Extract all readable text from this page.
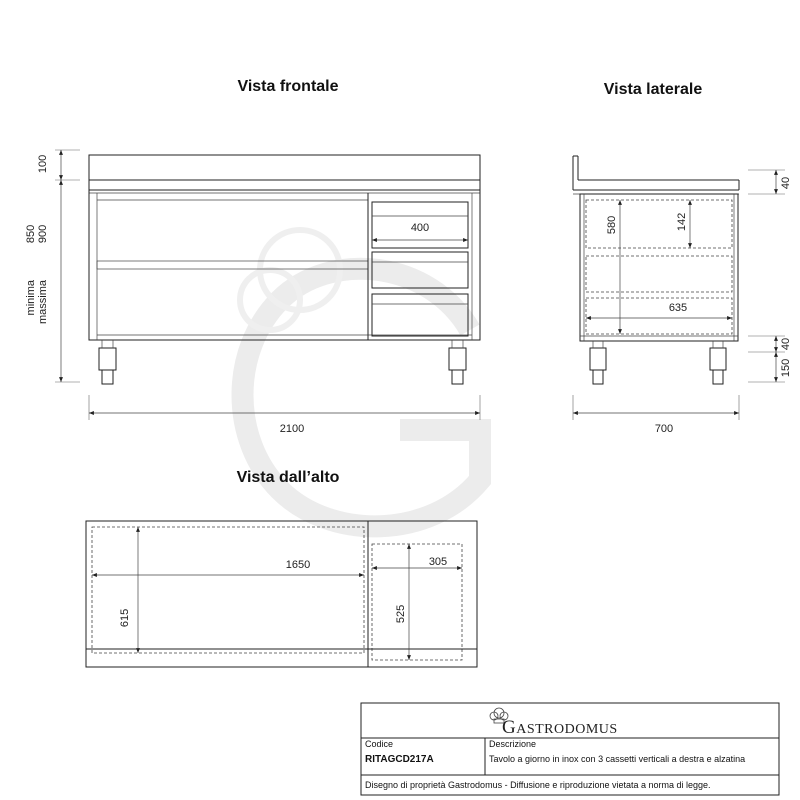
Vista frontale	Vista laterale
Vista dall’alto
400
100
minima
850
massima
900
2100
580	142
635
40
40
150
700
1650
615
305
525
GASTRODOMUS
Codice
RITAGCD217A
Descrizione
Tavolo a giorno in inox con 3 cassetti verticali a destra e alzatina
Disegno di proprietà Gastrodomus - Diffusione e riproduzione vietata a norma di legge.
